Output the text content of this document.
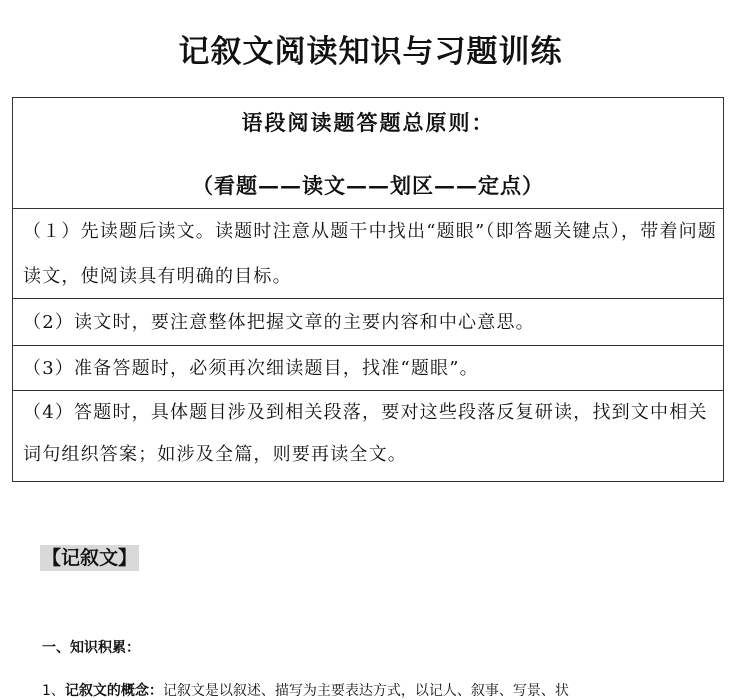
记叙文阅读知识与习题训练
语段阅读题答题总原则：
（看题——读文——划区——定点）
（１）先读题后读文。读题时注意从题干中找出“题眼”（即答题关键点），带着问题读文，使阅读具有明确的目标。
（2）读文时，要注意整体把握文章的主要内容和中心意思。
（3）准备答题时，必须再次细读题目，找准“题眼”。
（4）答题时，具体题目涉及到相关段落，要对这些段落反复研读，找到文中相关词句组织答案；如涉及全篇，则要再读全文。
【记叙文】
一、知识积累：
1、记叙文的概念：记叙文是以叙述、描写为主要表达方式，以记人、叙事、写景、状
